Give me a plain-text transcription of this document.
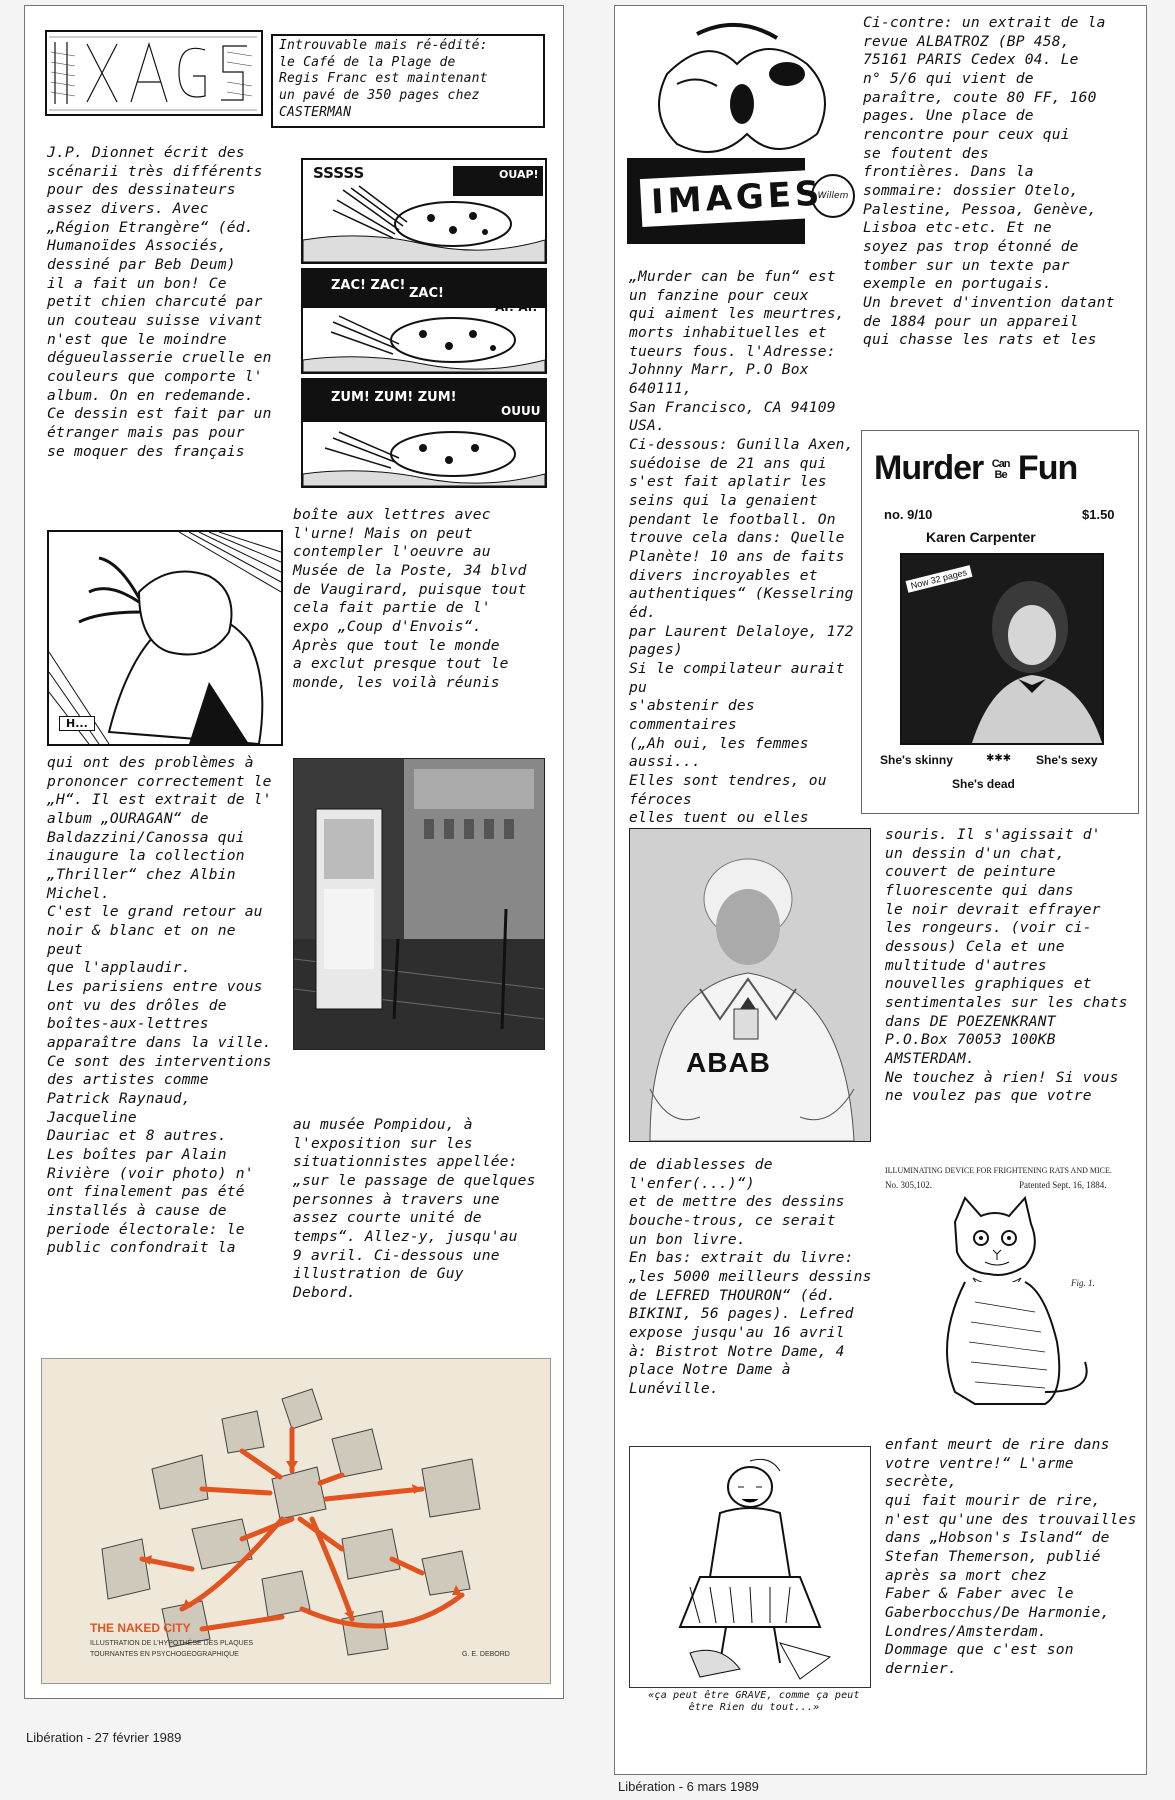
Introuvable mais ré-édité:
le Café de la Plage de
Regis Franc est maintenant
un pavé de 350 pages chez
CASTERMAN
J.P. Dionnet écrit des
scénarii très différents
pour des dessinateurs
assez divers. Avec
„Région Etrangère“ (éd.
Humanoïdes Associés,
dessiné par Beb Deum)
il a fait un bon! Ce
petit chien charcuté par
un couteau suisse vivant
n'est que le moindre
dégueulasserie cruelle en
couleurs que comporte l'
album. On en redemande.
Ce dessin est fait par un
étranger mais pas pour
se moquer des français
SSSSS	OUAP!
ZAC! ZAC!
ZAC!
AÏ! AÏ!
ZUM! ZUM! ZUM!
OUUU
H...
boîte aux lettres avec
l'urne! Mais on peut
contempler l'oeuvre au
Musée de la Poste, 34 blvd
de Vaugirard, puisque tout
cela fait partie de l'
expo „Coup d'Envois“.
Après que tout le monde
a exclut presque tout le
monde, les voilà réunis
qui ont des problèmes à
prononcer correctement le
„H“. Il est extrait de l'
album „OURAGAN“ de
Baldazzini/Canossa qui
inaugure la collection
„Thriller“ chez Albin Michel.
C'est le grand retour au
noir & blanc et on ne peut
que l'applaudir.
Les parisiens entre vous
ont vu des drôles de
boîtes-aux-lettres
apparaître dans la ville.
Ce sont des interventions
des artistes comme
Patrick Raynaud, Jacqueline
Dauriac et 8 autres.
Les boîtes par Alain
Rivière (voir photo) n'
ont finalement pas été
installés à cause de
periode électorale: le
public confondrait la
au musée Pompidou, à
l'exposition sur les
situationnistes appellée:
„sur le passage de quelques
personnes à travers une
assez courte unité de
temps“. Allez-y, jusqu'au
9 avril. Ci-dessous une
illustration de Guy
Debord.
THE NAKED CITY
ILLUSTRATION DE L'HYPOTHÈSE DES PLAQUES
TOURNANTES EN PSYCHOGEOGRAPHIQUE	G. E. DEBORD
Libération - 27 février 1989
IMAGES
Willem
Ci-contre: un extrait de la
revue ALBATROZ (BP 458,
75161 PARIS Cedex 04. Le
n° 5/6 qui vient de
paraître, coute 80 FF, 160
pages. Une place de
rencontre pour ceux qui
se foutent des
frontières. Dans la
sommaire: dossier Otelo,
Palestine, Pessoa, Genève,
Lisboa etc-etc. Et ne
soyez pas trop étonné de
tomber sur un texte par
exemple en portugais.
Un brevet d'invention datant
de 1884 pour un appareil
qui chasse les rats et les
„Murder can be fun“ est
un fanzine pour ceux
qui aiment les meurtres,
morts inhabituelles et
tueurs fous. l'Adresse:
Johnny Marr, P.O Box 640111,
San Francisco, CA 94109
USA.
Ci-dessous: Gunilla Axen,
suédoise de 21 ans qui
s'est fait aplatir les
seins qui la genaient
pendant le football. On
trouve cela dans: Quelle
Planète! 10 ans de faits
divers incroyables et
authentiques“ (Kesselring éd.
par Laurent Delaloye, 172 pages)
Si le compilateur aurait pu
s'abstenir des commentaires
(„Ah oui, les femmes aussi...
Elles sont tendres, ou féroces
elles tuent ou elles

Murder Can
Be Fun
no. 9/10	$1.50
Karen Carpenter
Now 32 pages
She's skinny	✱✱✱ She's sexy
She's dead
ABAB
souris. Il s'agissait d'
un dessin d'un chat,
couvert de peinture
fluorescente qui dans
le noir devrait effrayer
les rongeurs. (voir ci-
dessous) Cela et une
multitude d'autres
nouvelles graphiques et
sentimentales sur les chats
dans DE POEZENKRANT
P.O.Box 70053 100KB
AMSTERDAM.
Ne touchez à rien! Si vous
ne voulez pas que votre
de diablesses de l'enfer(...)“)
et de mettre des dessins
bouche-trous, ce serait
un bon livre.
En bas: extrait du livre:
„les 5000 meilleurs dessins
de LEFRED THOURON“ (éd.
BIKINI, 56 pages). Lefred
expose jusqu'au 16 avril
à: Bistrot Notre Dame, 4
place Notre Dame à
Lunéville.
ILLUMINATING DEVICE FOR FRIGHTENING RATS AND MICE.
No. 305,102.	Patented Sept. 16, 1884.
Fig. 1.
«ça peut être GRAVE, comme ça peut
être Rien du tout...»
enfant meurt de rire dans
votre ventre!“ L'arme secrète,
qui fait mourir de rire,
n'est qu'une des trouvailles
dans „Hobson's Island“ de
Stefan Themerson, publié
après sa mort chez
Faber & Faber avec le
Gaberbocchus/De Harmonie,
Londres/Amsterdam.
Dommage que c'est son
dernier.
Libération - 6 mars 1989
